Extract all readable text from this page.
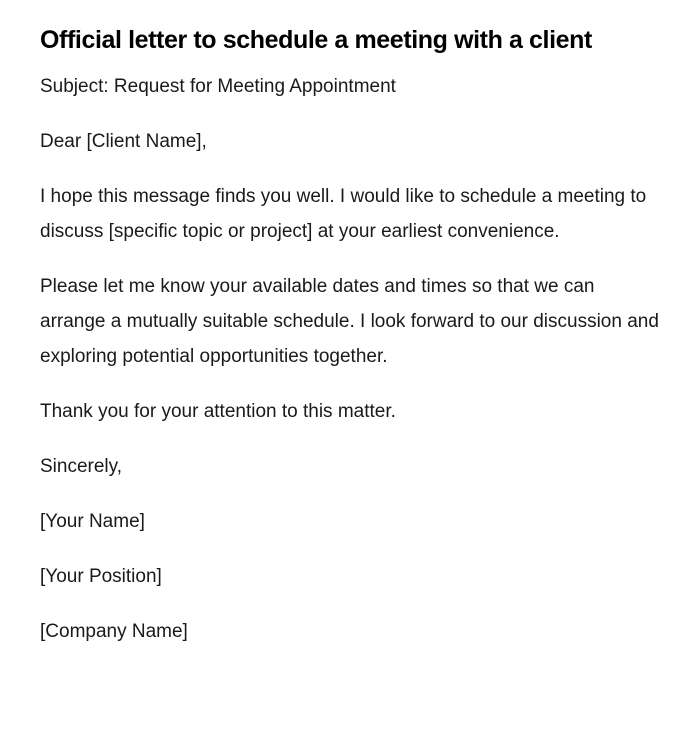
Official letter to schedule a meeting with a client

Subject: Request for Meeting Appointment

Dear [Client Name],

I hope this message finds you well. I would like to schedule a meeting to discuss [specific topic or project] at your earliest convenience.

Please let me know your available dates and times so that we can arrange a mutually suitable schedule. I look forward to our discussion and exploring potential opportunities together.

Thank you for your attention to this matter.

Sincerely,

[Your Name]

[Your Position]

[Company Name]
